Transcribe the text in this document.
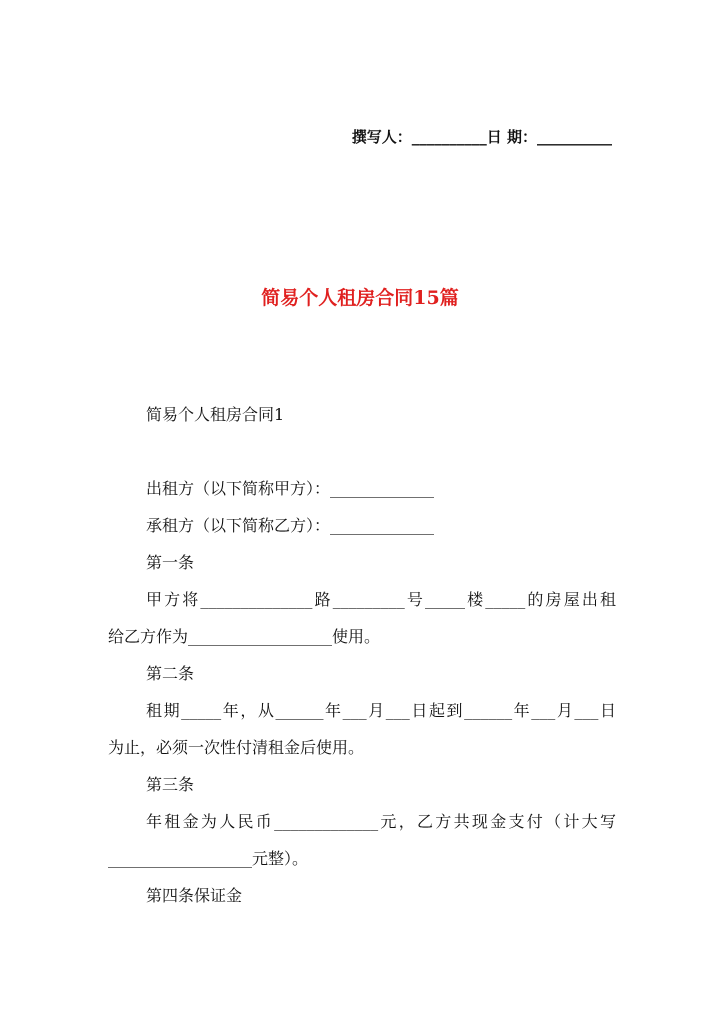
撰写人：__________日 期：__________
简易个人租房合同15篇

简易个人租房合同1

出租方（以下简称甲方）：_____________

承租方（以下简称乙方）：_____________

第一条

甲方将______________路_________号_____楼_____的房屋出租

给乙方作为__________________使用。

第二条

租期_____年，从______年___月___日起到______年___月___日

为止，必须一次性付清租金后使用。

第三条

年租金为人民币_____________元，乙方共现金支付（计大写

__________________元整）。

第四条保证金
